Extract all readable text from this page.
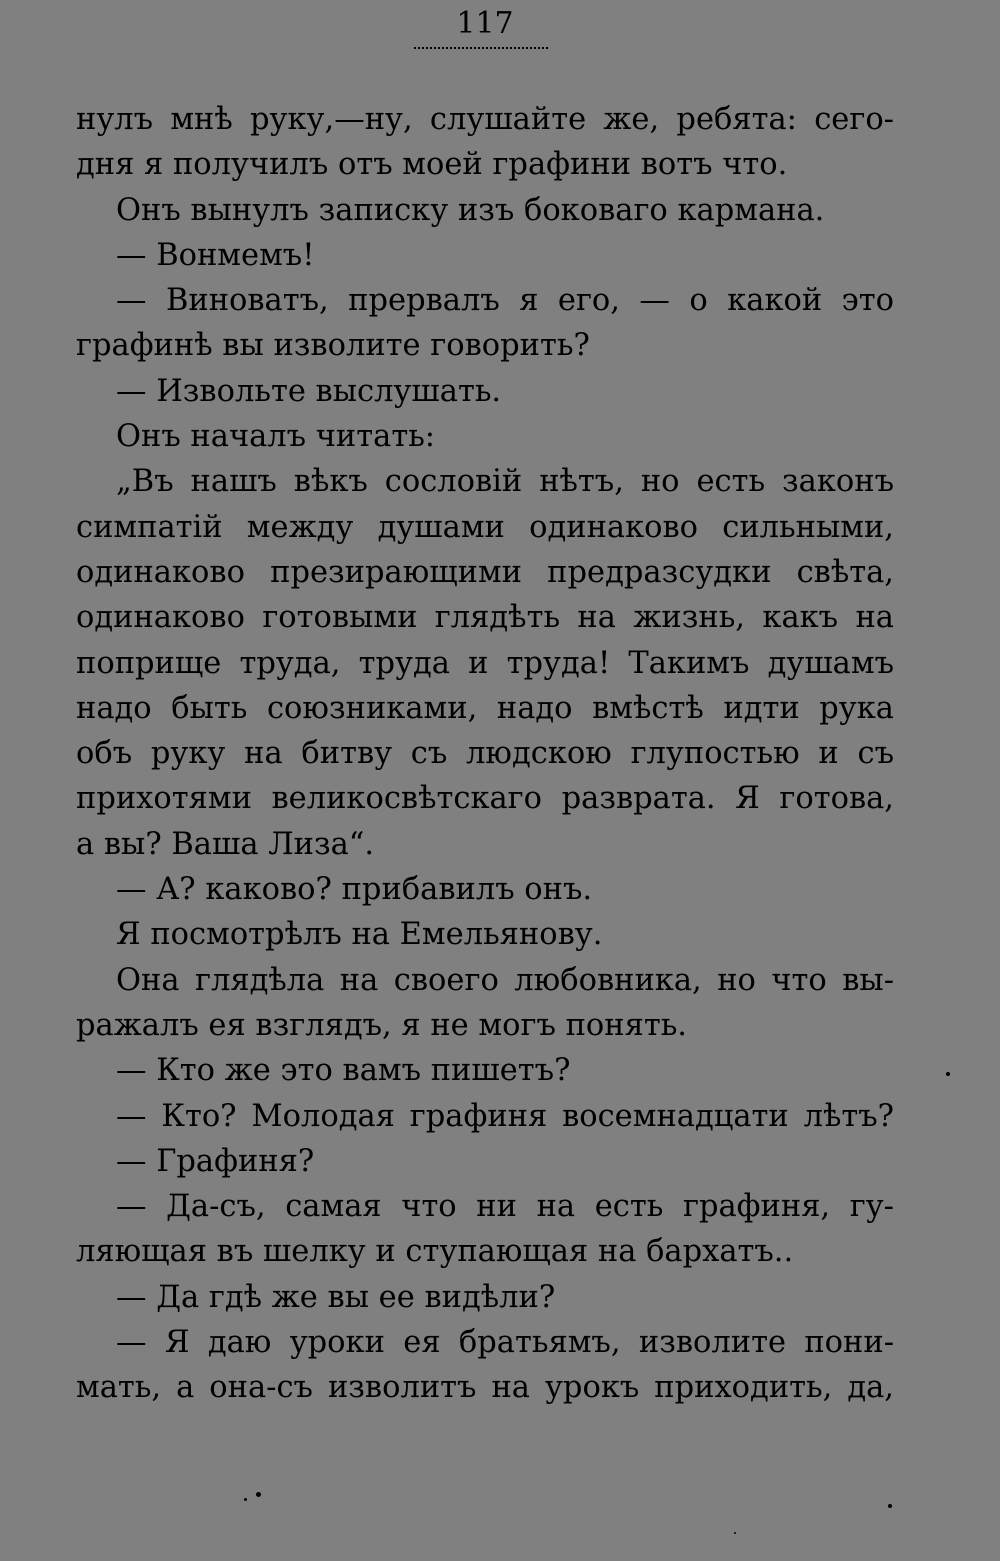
117
нулъ мнѣ руку,—ну, слушайте же, ребята: сего-
дня я получилъ отъ моей графини вотъ что.
Онъ вынулъ записку изъ боковаго кармана.
— Вонмемъ!
— Виноватъ, прервалъ я его, — о какой это
графинѣ вы изволите говорить?
— Извольте выслушать.
Онъ началъ читать:
„Въ нашъ вѣкъ сословій нѣтъ, но есть законъ
симпатій между душами одинаково сильными,
одинаково презирающими предразсудки свѣта,
одинаково готовыми глядѣть на жизнь, какъ на
поприще труда, труда и труда! Такимъ душамъ
надо быть союзниками, надо вмѣстѣ идти рука
объ руку на битву съ людскою глупостью и съ
прихотями великосвѣтскаго разврата. Я готова,
а вы? Ваша Лиза“.
— А? каково? прибавилъ онъ.
Я посмотрѣлъ на Емельянову.
Она глядѣла на своего любовника, но что вы-
ражалъ ея взглядъ, я не могъ понять.
— Кто же это вамъ пишетъ?
— Кто? Молодая графиня восемнадцати лѣтъ?
— Графиня?
— Да-съ, самая что ни на есть графиня, гу-
ляющая въ шелку и ступающая на бархатъ..
— Да гдѣ же вы ее видѣли?
— Я даю уроки ея братьямъ, изволите пони-
мать, а она-съ изволитъ на урокъ приходить, да,
